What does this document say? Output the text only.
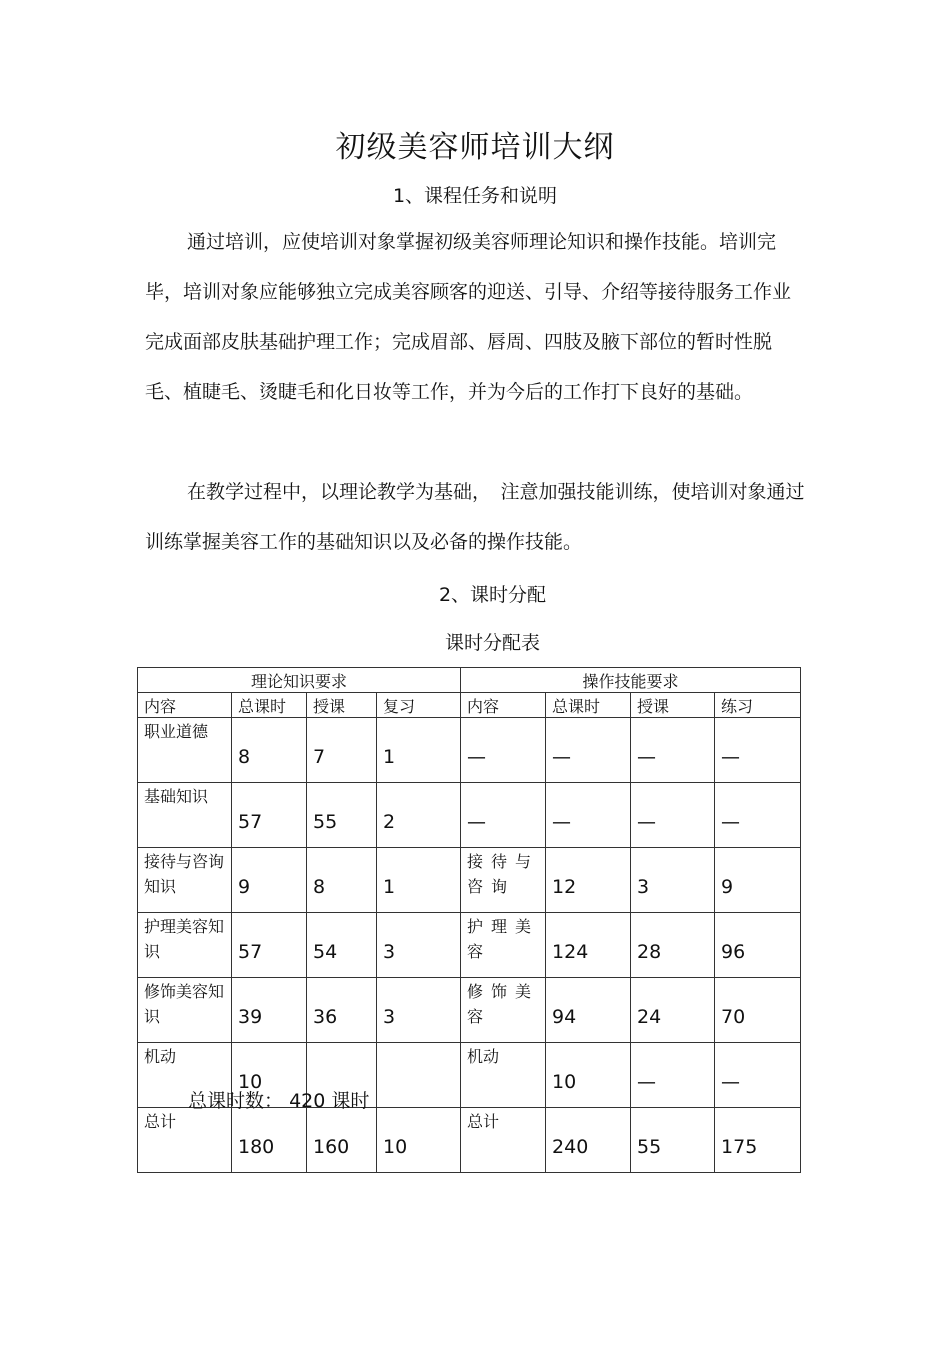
初级美容师培训大纲
1、课程任务和说明

通过培训，应使培训对象掌握初级美容师理论知识和操作技能。培训完毕，培训对象应能够独立完成美容顾客的迎送、引导、介绍等接待服务工作业完成面部皮肤基础护理工作；完成眉部、唇周、四肢及腋下部位的暂时性脱毛、植睫毛、烫睫毛和化日妆等工作，并为今后的工作打下良好的基础。

在教学过程中，以理论教学为基础，　注意加强技能训练，使培训对象通过训练掌握美容工作的基础知识以及必备的操作技能。

2、课时分配
课时分配表
理论知识要求				操作技能要求			
内容	总课时	授课	复习	内容	总课时	授课	练习
职业道德	8	7	1	—	—	—	—
基础知识	57	55	2	—	—	—	—
接待与咨询知识	9	8	1	接待与咨询	12	3	9
护理美容知识	57	54	3	护理美容	124	28	96
修饰美容知识	39	36	3	修饰美容	94	24	70
机动	10			机动	10	—	—
总计	180	160	10	总计	240	55	175
总课时数： 420 课时
